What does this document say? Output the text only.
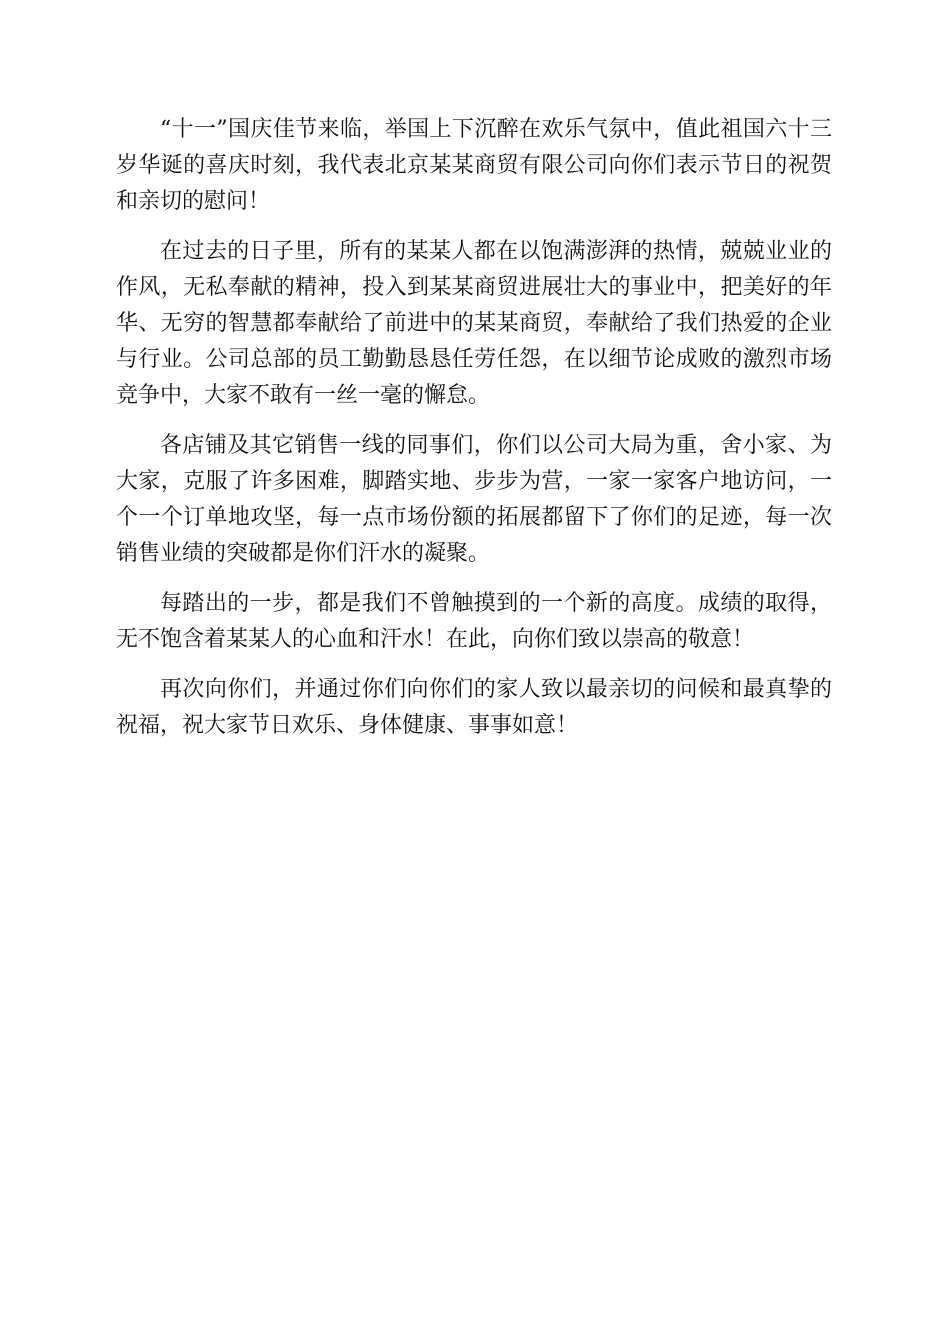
“十一”国庆佳节来临，举国上下沉醉在欢乐气氛中，值此祖国六十三岁华诞的喜庆时刻，我代表北京某某商贸有限公司向你们表示节日的祝贺和亲切的慰问！

在过去的日子里，所有的某某人都在以饱满澎湃的热情，兢兢业业的作风，无私奉献的精神，投入到某某商贸进展壮大的事业中，把美好的年华、无穷的智慧都奉献给了前进中的某某商贸，奉献给了我们热爱的企业与行业。公司总部的员工勤勤恳恳任劳任怨，在以细节论成败的激烈市场竞争中，大家不敢有一丝一毫的懈怠。

各店铺及其它销售一线的同事们，你们以公司大局为重，舍小家、为大家，克服了许多困难，脚踏实地、步步为营，一家一家客户地访问，一个一个订单地攻坚，每一点市场份额的拓展都留下了你们的足迹，每一次销售业绩的突破都是你们汗水的凝聚。

每踏出的一步，都是我们不曾触摸到的一个新的高度。成绩的取得，无不饱含着某某人的心血和汗水！在此，向你们致以崇高的敬意！

再次向你们，并通过你们向你们的家人致以最亲切的问候和最真挚的祝福，祝大家节日欢乐、身体健康、事事如意！
